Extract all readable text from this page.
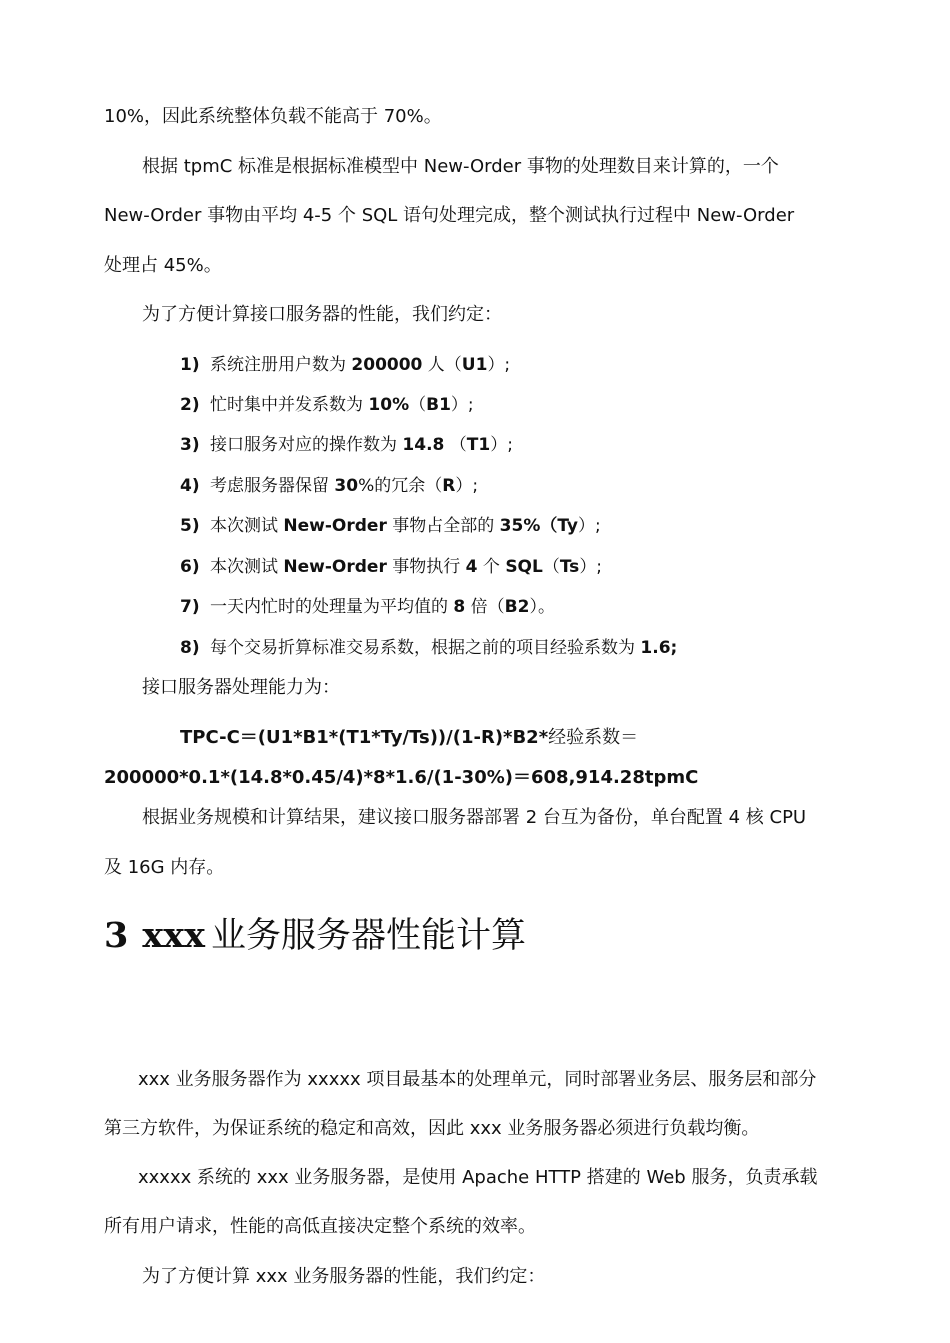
10%，因此系统整体负载不能高于 70%。
根据 tpmC 标准是根据标准模型中 New-Order 事物的处理数目来计算的，一个
New-Order 事物由平均 4-5 个 SQL 语句处理完成，整个测试执行过程中 New-Order
处理占 45%。
为了方便计算接口服务器的性能，我们约定：
1) 系统注册用户数为 200000 人（U1）;
2) 忙时集中并发系数为 10%（B1）;
3) 接口服务对应的操作数为 14.8 （T1）;
4) 考虑服务器保留 30%的冗余（R）;
5) 本次测试 New-Order 事物占全部的 35%（Ty）;
6) 本次测试 New-Order 事物执行 4 个 SQL（Ts）;
7) 一天内忙时的处理量为平均值的 8 倍（B2）。
8) 每个交易折算标准交易系数，根据之前的项目经验系数为 1.6;
接口服务器处理能力为：
TPC-C＝(U1*B1*(T1*Ty/Ts))/(1-R)*B2*经验系数＝
200000*0.1*(14.8*0.45/4)*8*1.6/(1-30%)＝608,914.28tpmC
根据业务规模和计算结果，建议接口服务器部署 2 台互为备份，单台配置 4 核 CPU
及 16G 内存。
3 xxx 业务服务器性能计算
xxx 业务服务器作为 xxxxx 项目最基本的处理单元，同时部署业务层、服务层和部分
第三方软件，为保证系统的稳定和高效，因此 xxx 业务服务器必须进行负载均衡。
xxxxx 系统的 xxx 业务服务器，是使用 Apache HTTP 搭建的 Web 服务，负责承载
所有用户请求，性能的高低直接决定整个系统的效率。
为了方便计算 xxx 业务服务器的性能，我们约定：
